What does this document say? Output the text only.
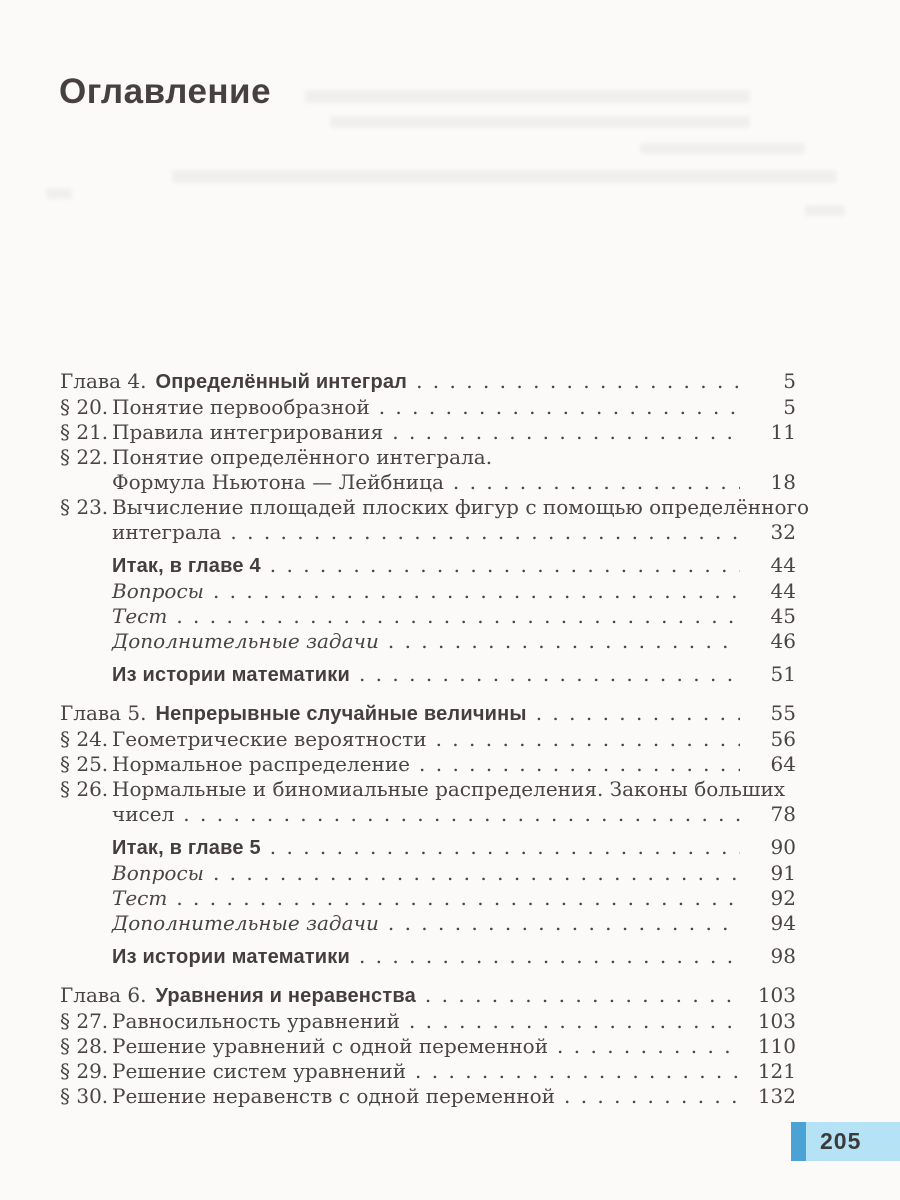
Оглавление
Глава 4. Определённый интеграл . . .	5
§ 20. Понятие первообразной . . .	5
§ 21. Правила интегрирования . . .	11
§ 22. Понятие определённого интеграла.
Формула Ньютона — Лейбница . . .	18
§ 23. Вычисление площадей плоских фигур с помощью определённого
интеграла . . .	32
Итак, в главе 4 . . .	44
Вопросы . . .	44
Тест . . .	45
Дополнительные задачи . . .	46
Из истории математики . . .	51
Глава 5. Непрерывные случайные величины . . .	55
§ 24. Геометрические вероятности . . .	56
§ 25. Нормальное распределение . . .	64
§ 26. Нормальные и биномиальные распределения. Законы больших
чисел . . .	78
Итак, в главе 5 . . .	90
Вопросы . . .	91
Тест . . .	92
Дополнительные задачи . . .	94
Из истории математики . . .	98
Глава 6. Уравнения и неравенства . . .	103
§ 27. Равносильность уравнений . . .	103
§ 28. Решение уравнений с одной переменной . . .	110
§ 29. Решение систем уравнений . . .	121
§ 30. Решение неравенств с одной переменной . . .	132
205
